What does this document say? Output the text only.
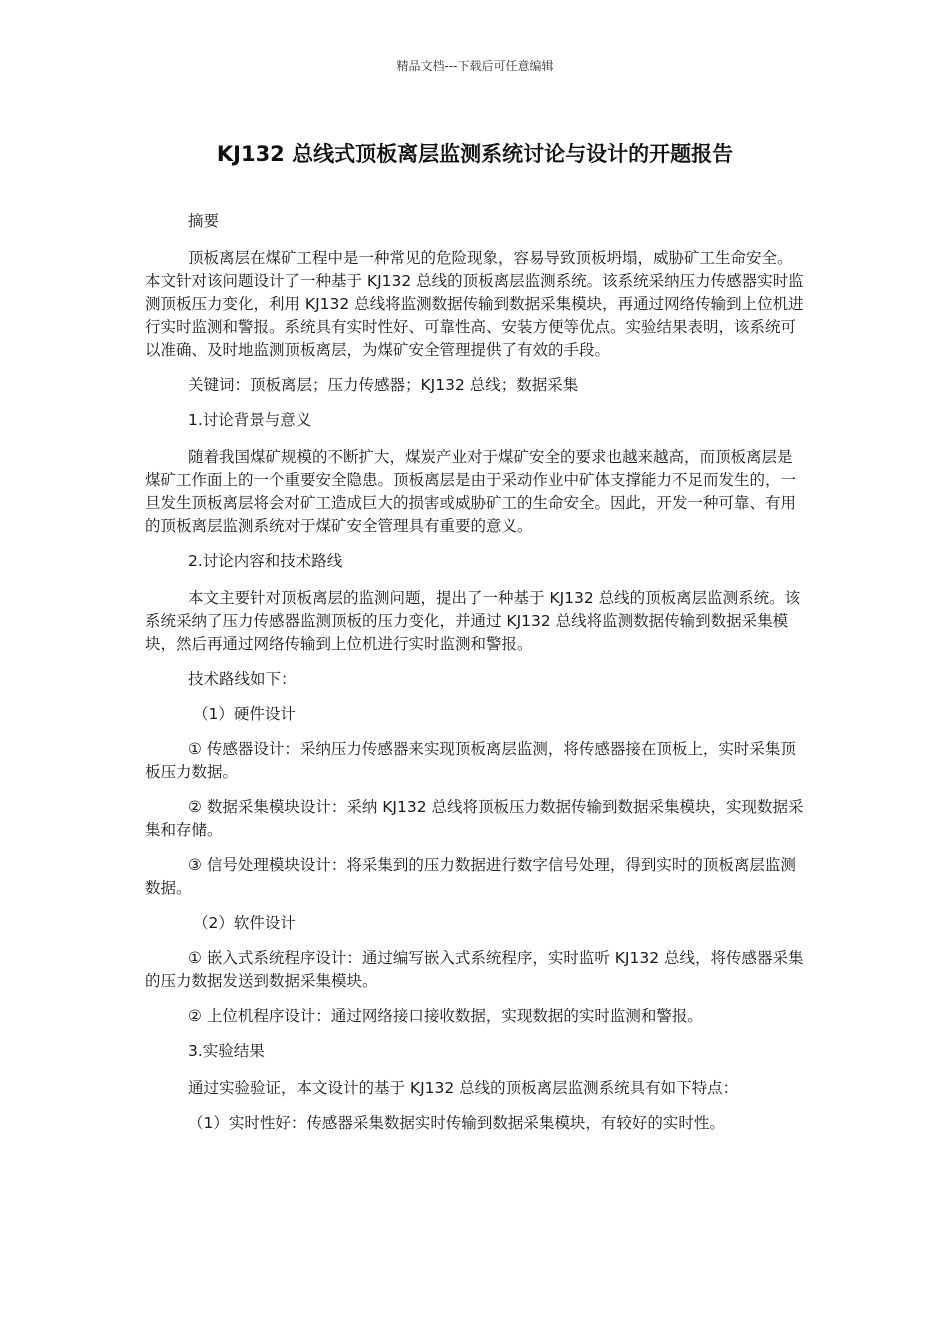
精品文档---下载后可任意编辑
KJ132 总线式顶板离层监测系统讨论与设计的开题报告

摘要

顶板离层在煤矿工程中是一种常见的危险现象，容易导致顶板坍塌，威胁矿工生命安全。本文针对该问题设计了一种基于 KJ132 总线的顶板离层监测系统。该系统采纳压力传感器实时监测顶板压力变化，利用 KJ132 总线将监测数据传输到数据采集模块，再通过网络传输到上位机进行实时监测和警报。系统具有实时性好、可靠性高、安装方便等优点。实验结果表明，该系统可以准确、及时地监测顶板离层，为煤矿安全管理提供了有效的手段。

关键词：顶板离层；压力传感器；KJ132 总线；数据采集

1.讨论背景与意义

随着我国煤矿规模的不断扩大，煤炭产业对于煤矿安全的要求也越来越高，而顶板离层是煤矿工作面上的一个重要安全隐患。顶板离层是由于采动作业中矿体支撑能力不足而发生的，一旦发生顶板离层将会对矿工造成巨大的损害或威胁矿工的生命安全。因此，开发一种可靠、有用的顶板离层监测系统对于煤矿安全管理具有重要的意义。

2.讨论内容和技术路线

本文主要针对顶板离层的监测问题，提出了一种基于 KJ132 总线的顶板离层监测系统。该系统采纳了压力传感器监测顶板的压力变化，并通过 KJ132 总线将监测数据传输到数据采集模块，然后再通过网络传输到上位机进行实时监测和警报。

技术路线如下：

（1）硬件设计

① 传感器设计：采纳压力传感器来实现顶板离层监测，将传感器接在顶板上，实时采集顶板压力数据。

② 数据采集模块设计：采纳 KJ132 总线将顶板压力数据传输到数据采集模块，实现数据采集和存储。

③ 信号处理模块设计：将采集到的压力数据进行数字信号处理，得到实时的顶板离层监测数据。

（2）软件设计

① 嵌入式系统程序设计：通过编写嵌入式系统程序，实时监听 KJ132 总线，将传感器采集的压力数据发送到数据采集模块。

② 上位机程序设计：通过网络接口接收数据，实现数据的实时监测和警报。

3.实验结果

通过实验验证，本文设计的基于 KJ132 总线的顶板离层监测系统具有如下特点：

（1）实时性好：传感器采集数据实时传输到数据采集模块，有较好的实时性。
